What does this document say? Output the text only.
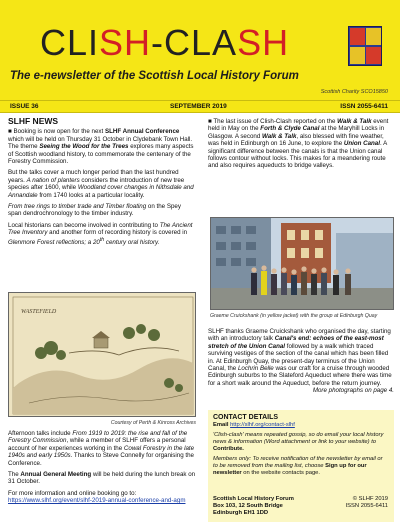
CLISH-CLASH
The e-newsletter of the Scottish Local History Forum
Scottish Charity SCO15850
ISSUE 36	SEPTEMBER 2019	ISSN 2055-6411
SLHF NEWS

■ Booking is now open for the next SLHF Annual Conference which will be held on Thursday 31 October in Clydebank Town Hall. The theme Seeing the Wood for the Trees explores many aspects of Scottish woodland history, to commemorate the centenary of the Forestry Commission.

But the talks cover a much longer period than the last hundred years. A nation of planters considers the introduction of new tree species after 1600, while Woodland cover changes in Nithsdale and Annandale from 1740 looks at a particular locality.

From tree rings to timber trade and Timber floating on the Spey span dendrochronology to the timber industry.

Local historians can become involved in contributing to The Ancient Tree Inventory and another form of recording history is covered in Glenmore Forest reflections; a 20th century oral history.

WASTEFIELD
Courtesy of Perth & Kinross Archives

Afternoon talks include From 1919 to 2019: the rise and fall of the Forestry Commission, while a member of SLHF offers a personal account of her experiences working in the Cowal Forestry in the late 1940s and early 1950s. Thanks to Steve Connelly for organising the Conference.

The Annual General Meeting will be held during the lunch break on 31 October.

For more information and online booking go to:
https://www.slhf.org/event/slhf-2019-annual-conference-and-agm

■ The last issue of Clish-Clash reported on the Walk & Talk event held in May on the Forth & Clyde Canal at the Maryhill Locks in Glasgow. A second Walk & Talk, also blessed with fine weather, was held in Edinburgh on 16 June, to explore the Union Canal. A significant difference between the canals is that the Union canal follows contour without locks. This makes for a meandering route and also requires aqueducts to bridge valleys.

Graeme Cruickshank (in yellow jacket) with the group at Edinburgh Quay

SLHF thanks Graeme Cruickshank who organised the day, starting with an introductory talk Canal's end: echoes of the east-most stretch of the Union Canal followed by a walk which traced surviving vestiges of the section of the canal which has been filled in. At Edinburgh Quay, the present-day terminus of the Union Canal, the Lochrin Belle was our craft for a cruise through wooded Edinburgh suburbs to the Slateford Aqueduct where there was time for a short walk around the Aqueduct, before the return journey.

More photographs on page 4.

CONTACT DETAILS

Email http://slhf.org/contact-slhf

'Clish-clash' means repeated gossip, so do email your local history news & information (Word attachment or link to your website) to Contribute.

Members only: To receive notification of the newsletter by email or to be removed from the mailing list, choose Sign up for our newsletter on the website contacts page.

Scottish Local History Forum
Box 103, 12 South Bridge
Edinburgh EH1 1DD
© SLHF 2019
ISSN 2055-6411
